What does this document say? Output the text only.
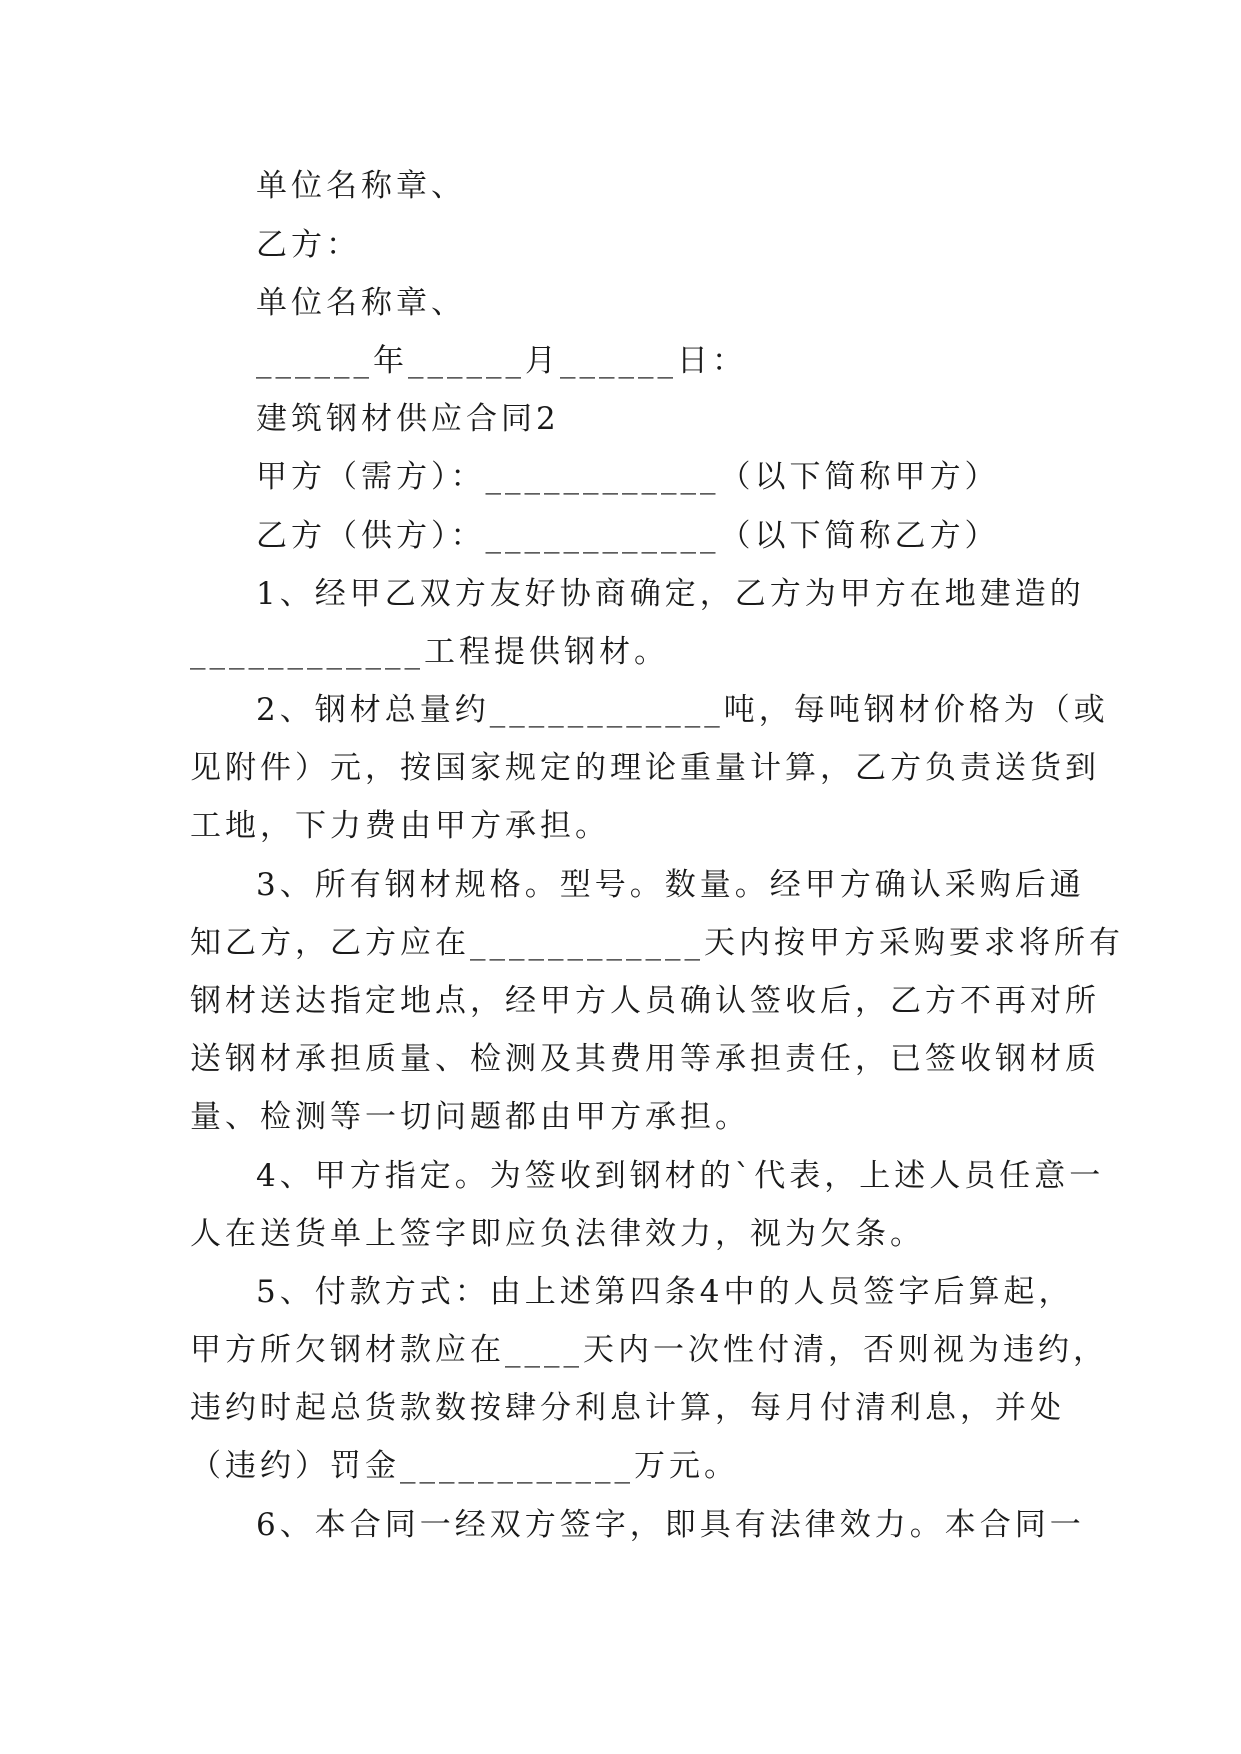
单位名称章、
乙方：
单位名称章、
______年______月______日：
建筑钢材供应合同2
甲方（需方）：____________（以下简称甲方）
乙方（供方）：____________（以下简称乙方）
1、经甲乙双方友好协商确定，乙方为甲方在地建造的
____________工程提供钢材。
2、钢材总量约____________吨，每吨钢材价格为（或
见附件）元，按国家规定的理论重量计算，乙方负责送货到
工地，下力费由甲方承担。
3、所有钢材规格。型号。数量。经甲方确认采购后通
知乙方，乙方应在____________天内按甲方采购要求将所有
钢材送达指定地点，经甲方人员确认签收后，乙方不再对所
送钢材承担质量、检测及其费用等承担责任，已签收钢材质
量、检测等一切问题都由甲方承担。
4、甲方指定。为签收到钢材的`代表，上述人员任意一
人在送货单上签字即应负法律效力，视为欠条。
5、付款方式：由上述第四条4中的人员签字后算起，
甲方所欠钢材款应在____天内一次性付清，否则视为违约，
违约时起总货款数按肆分利息计算，每月付清利息，并处
（违约）罚金____________万元。
6、本合同一经双方签字，即具有法律效力。本合同一
